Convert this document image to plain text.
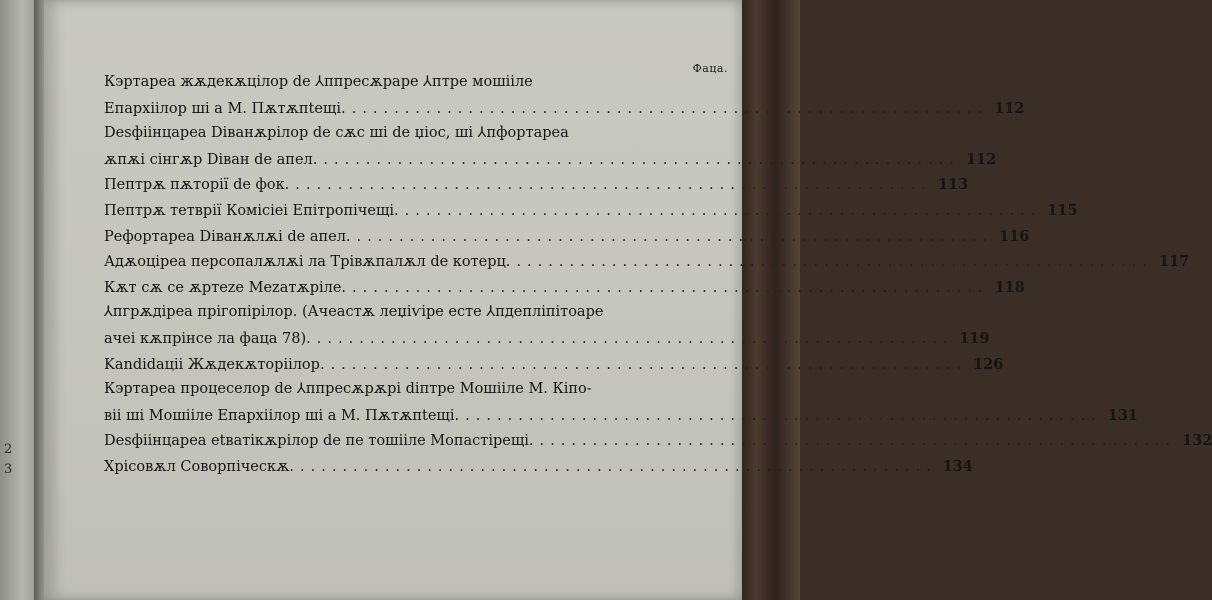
2
3
Фаца.
Кэртареа жѫдекѫцілор de ⅄ппресѫраре ⅄птре мошііле
Епархіілор ші а М. Пѫтѫпteщі. ............................................................ 112
Desфіінцареа Dіванѫрілор de сѫс ші de џіос, ші ⅄пфортареа
ѫпѫі сінгѫр Dіван de апел. ............................................................ 112
Пептрѫ пѫторії de фок. ............................................................ 113
Пептрѫ тетврії Комісіеі Епітропічещі. ............................................................ 115
Рефортареа Dіванѫлѫі de апел. ............................................................ 116
Адѫоцірea персопалѫлѫі ла Трівѫпалѫл de котерц. ............................................................ 117
Кѫт сѫ се ѫртеze Мezaтѫріле. ............................................................ 118
⅄пгрѫдіреа прігопірілор. (Ачеастѫ леџіѵіре есте ⅄пдепліпітоаре
ачеі кѫпрінсе ла фаца 78). ............................................................ 119
Kandidaцii Жѫдекѫторіілор. ............................................................ 126
Кэртареа процеселор de ⅄ппресѫрѫрі dіптре Мошііле М. Кіпо-
віі ші Мошііле Епархіілор ші а М. Пѫтѫпteщі. ............................................................ 131
Desфіінцареа еtватікѫрілор de пе тошііле Мопастірещі. ............................................................ 132
Хрісовѫл Соворпіческѫ. ............................................................ 134
